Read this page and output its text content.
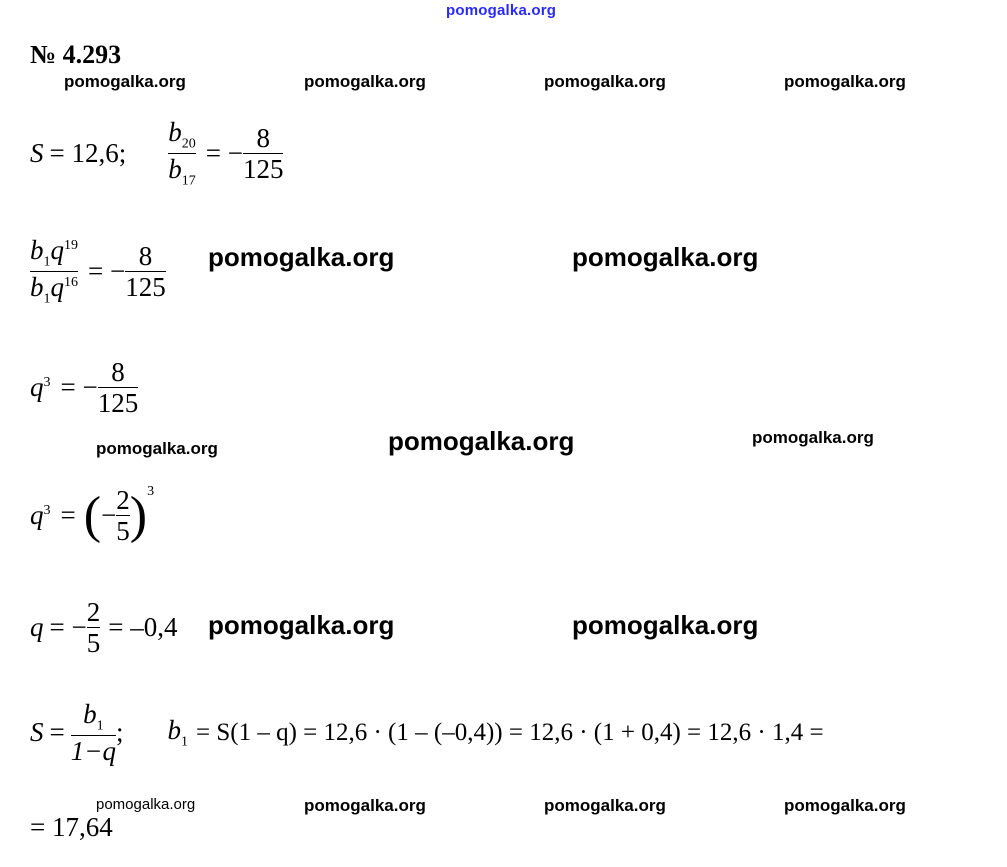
pomogalka.org
№ 4.293
pomogalka.org	pomogalka.org	pomogalka.org	pomogalka.org
S = 12,6; $\frac{b_{20}}{b_{17}}$ = − $\frac{8}{125}$
$\frac{b_1q^{19}}{b_1q^{16}}$ = − $\frac{8}{125}$ pomogalka.org	pomogalka.org
$q^3$ = − $\frac{8}{125}$
pomogalka.org	pomogalka.org	pomogalka.org
$q^3$ = ( − $\frac{2}{5} )^3$
q = − $\frac{2}{5} = -0,4$ pomogalka.org	pomogalka.org
$S = \frac{b_1}{1-q}$ ; $b_1 = S(1 - q) = 12,6 \cdot (1 - (-0,4)) = 12,6 \cdot (1 + 0,4) = 12,6 \cdot 1,4$ =
pomogalka.org	pomogalka.org	pomogalka.org	pomogalka.org
= 17,64
